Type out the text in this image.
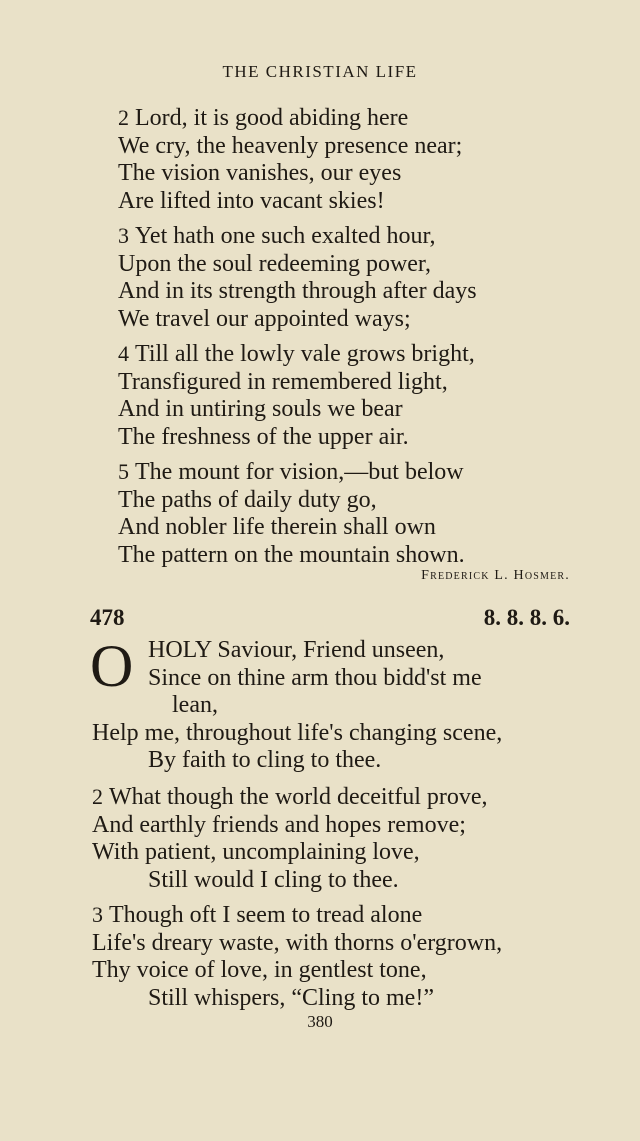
THE CHRISTIAN LIFE
2 Lord, it is good abiding here
We cry, the heavenly presence near;
The vision vanishes, our eyes
Are lifted into vacant skies!
3 Yet hath one such exalted hour,
Upon the soul redeeming power,
And in its strength through after days
We travel our appointed ways;
4 Till all the lowly vale grows bright,
Transfigured in remembered light,
And in untiring souls we bear
The freshness of the upper air.
5 The mount for vision,—but below
The paths of daily duty go,
And nobler life therein shall own
The pattern on the mountain shown.
Frederick L. Hosmer.
478	8. 8. 8. 6.
O HOLY Saviour, Friend unseen,
Since on thine arm thou bidd'st me
lean,
Help me, throughout life's changing scene,
By faith to cling to thee.
2 What though the world deceitful prove,
And earthly friends and hopes remove;
With patient, uncomplaining love,
Still would I cling to thee.
3 Though oft I seem to tread alone
Life's dreary waste, with thorns o'ergrown,
Thy voice of love, in gentlest tone,
Still whispers, “Cling to me!”
380
